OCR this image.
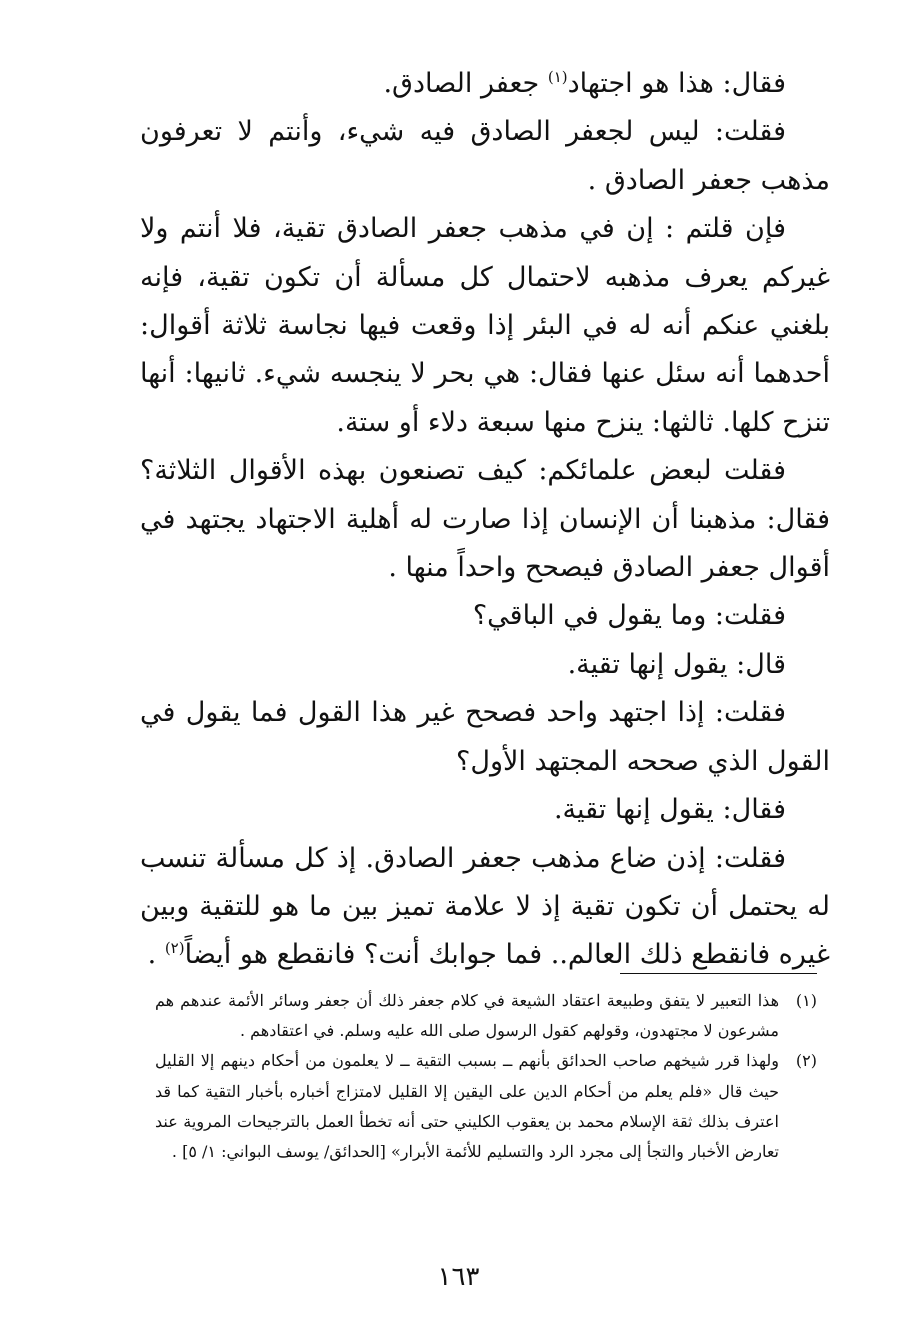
فقال: هذا هو اجتهاد$^{(١)}$ جعفر الصادق.

فقلت: ليس لجعفر الصادق فيه شيء، وأنتم لا تعرفون مذهب جعفر الصادق .

فإن قلتم : إن في مذهب جعفر الصادق تقية، فلا أنتم ولا غيركم يعرف مذهبه لاحتمال كل مسألة أن تكون تقية، فإنه بلغني عنكم أنه له في البئر إذا وقعت فيها نجاسة ثلاثة أقوال: أحدهما أنه سئل عنها فقال: هي بحر لا ينجسه شيء. ثانيها: أنها تنزح كلها. ثالثها: ينزح منها سبعة دلاء أو ستة.

فقلت لبعض علمائكم: كيف تصنعون بهذه الأقوال الثلاثة؟ فقال: مذهبنا أن الإنسان إذا صارت له أهلية الاجتهاد يجتهد في أقوال جعفر الصادق فيصحح واحداً منها .

فقلت: وما يقول في الباقي؟

قال: يقول إنها تقية.

فقلت: إذا اجتهد واحد فصحح غير هذا القول فما يقول في القول الذي صححه المجتهد الأول؟

فقال: يقول إنها تقية.

فقلت: إذن ضاع مذهب جعفر الصادق. إذ كل مسألة تنسب له يحتمل أن تكون تقية إذ لا علامة تميز بين ما هو للتقية وبين غيره فانقطع ذلك العالم.. فما جوابك أنت؟ فانقطع هو أيضاً$^{(٢)}$ .

(١)
هذا التعبير لا يتفق وطبيعة اعتقاد الشيعة في كلام جعفر ذلك أن جعفر وسائر الأئمة عندهم هم مشرعون لا مجتهدون، وقولهم كقول الرسول صلى الله عليه وسلم. في اعتقادهم .
(٢)
ولهذا قرر شيخهم صاحب الحدائق بأنهم ــ بسبب التقية ــ لا يعلمون من أحكام دينهم إلا القليل حيث قال «فلم يعلم من أحكام الدين على اليقين إلا القليل لامتزاج أخباره بأخبار التقية كما قد اعترف بذلك ثقة الإسلام محمد بن يعقوب الكليني حتى أنه تخطأ العمل بالترجيحات المروية عند تعارض الأخبار والتجأ إلى مجرد الرد والتسليم للأئمة الأبرار» [الحدائق/ يوسف البواني: ١/ ٥] .
١٦٣
